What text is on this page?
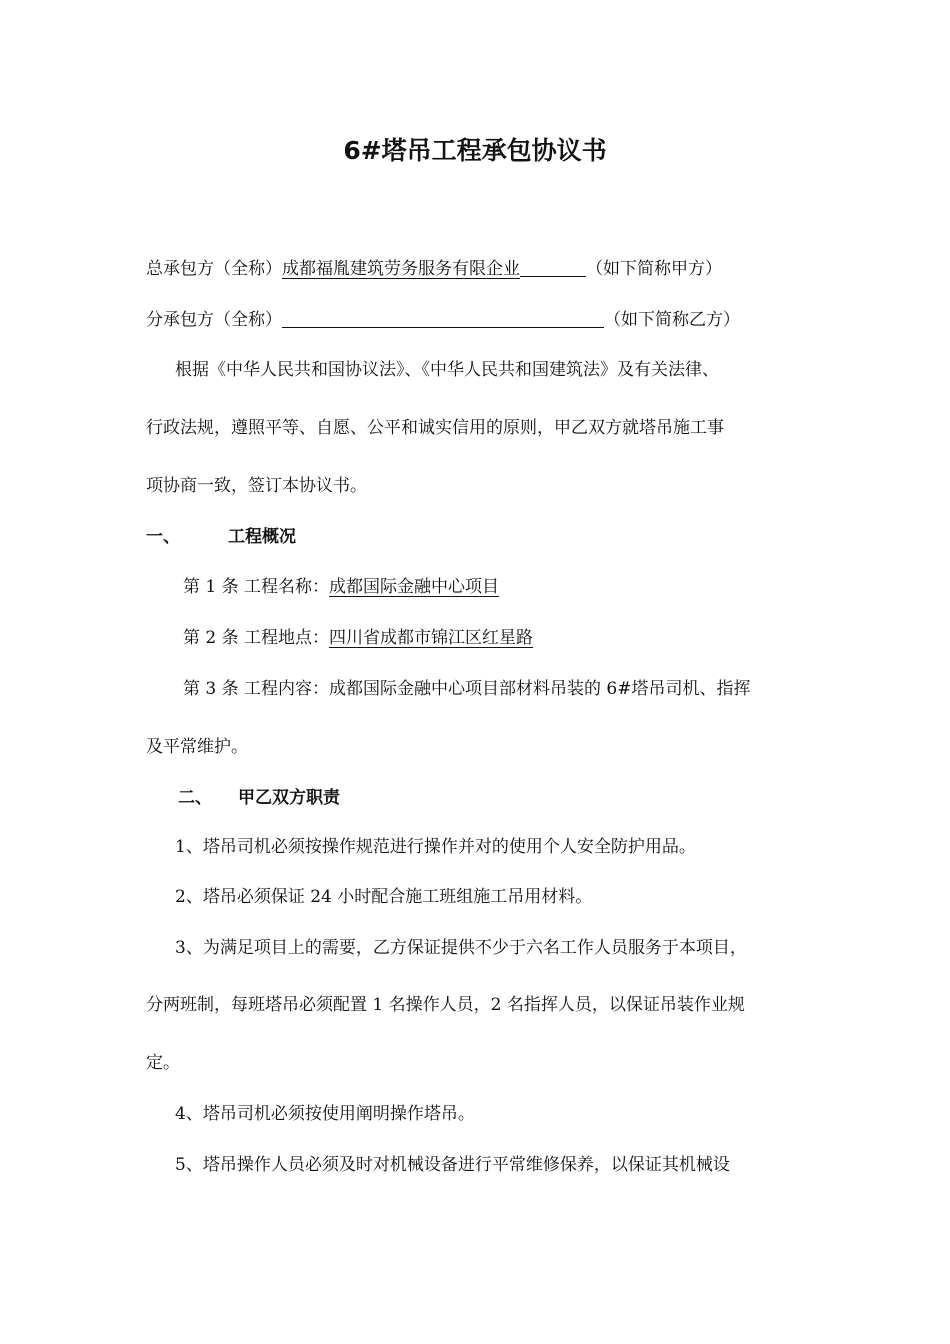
6#塔吊工程承包协议书
总承包方（全称）成都福胤建筑劳务服务有限企业	（如下简称甲方）
分承包方（全称）	（如下简称乙方）
根据《中华人民共和国协议法》、《中华人民共和国建筑法》及有关法律、
行政法规，遵照平等、自愿、公平和诚实信用的原则，甲乙双方就塔吊施工事
项协商一致，签订本协议书。
一、	工程概况
第 1 条 工程名称：成都国际金融中心项目
第 2 条 工程地点：四川省成都市锦江区红星路
第 3 条 工程内容：成都国际金融中心项目部材料吊装的 6#塔吊司机、指挥
及平常维护。
二、 甲乙双方职责
1、塔吊司机必须按操作规范进行操作并对的使用个人安全防护用品。
2、塔吊必须保证 24 小时配合施工班组施工吊用材料。
3、为满足项目上的需要，乙方保证提供不少于六名工作人员服务于本项目，
分两班制，每班塔吊必须配置 1 名操作人员，2 名指挥人员，以保证吊装作业规
定。
4、塔吊司机必须按使用阐明操作塔吊。
5、塔吊操作人员必须及时对机械设备进行平常维修保养，以保证其机械设
